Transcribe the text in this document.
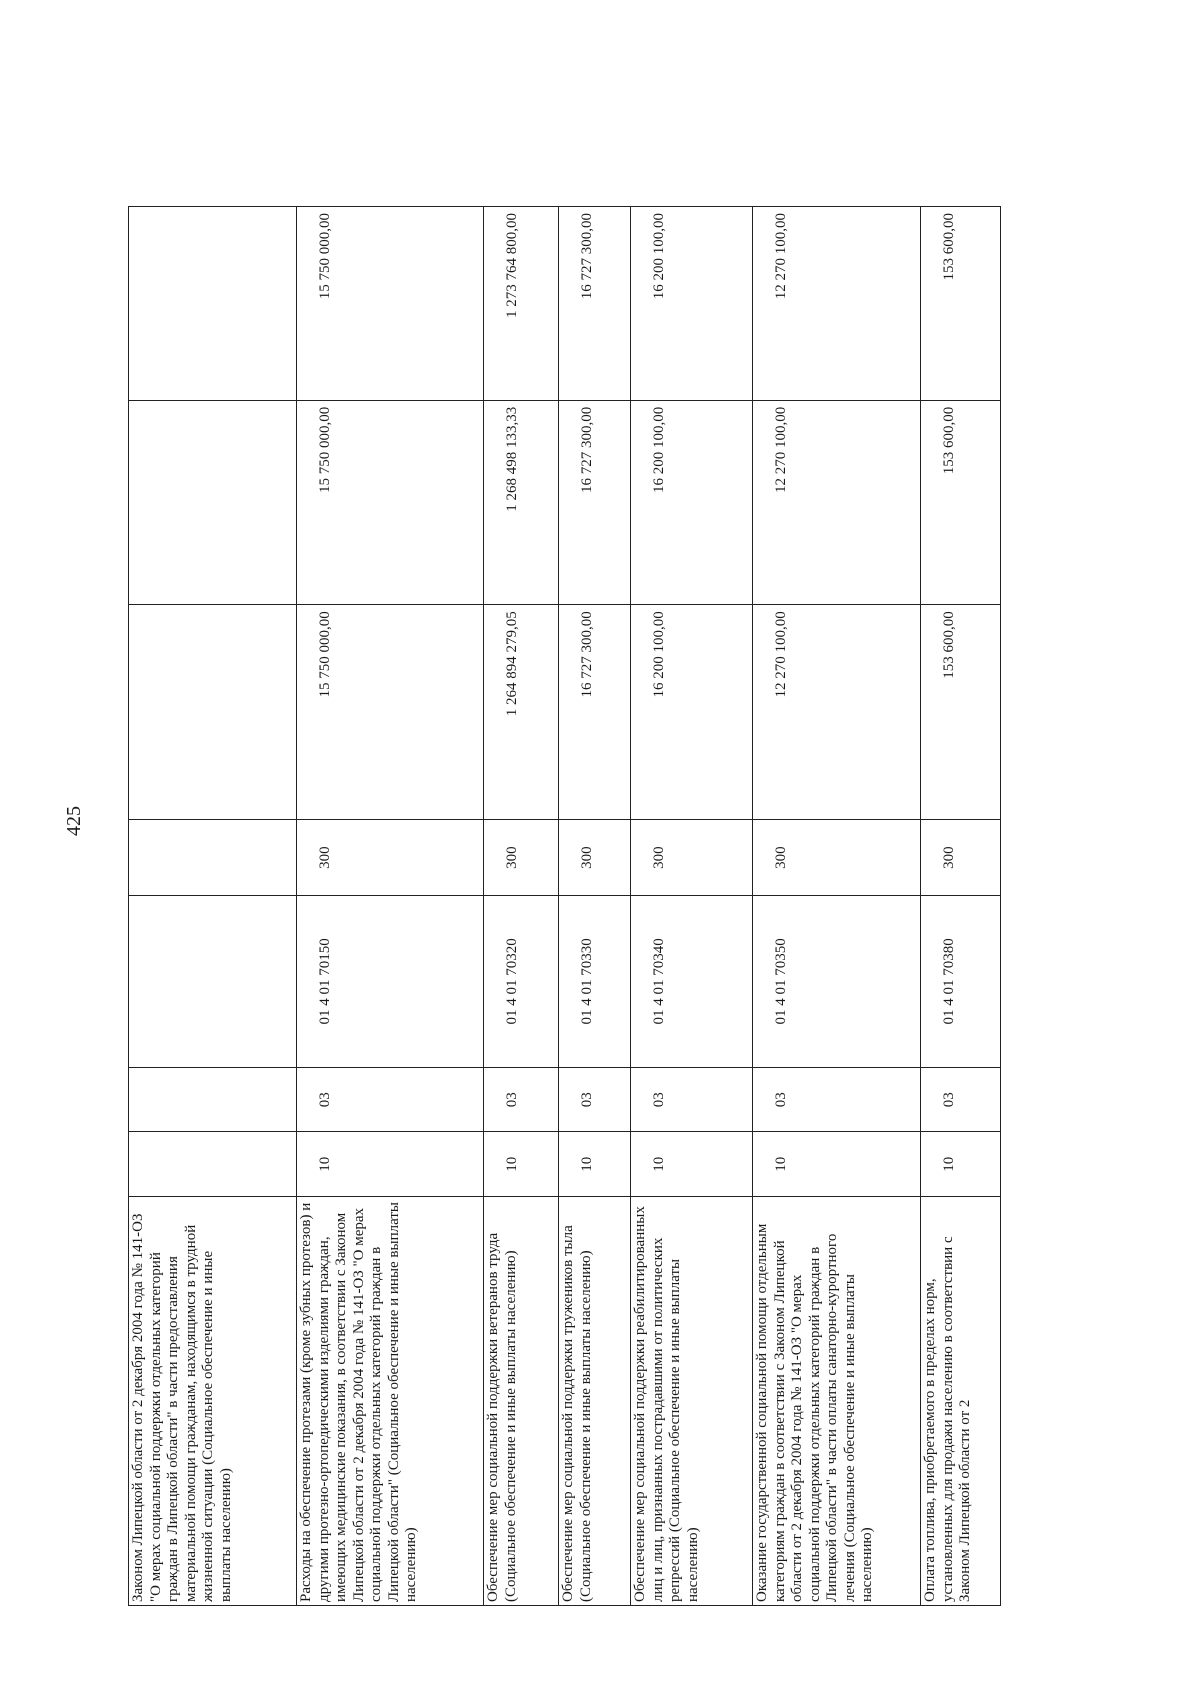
425
Законом Липецкой области от 2 декабря 2004 года № 141-ОЗ "О мерах социальной поддержки отдельных категорий граждан в Липецкой области" в части предоставления материальной помощи гражданам, находящимся в трудной жизненной ситуации (Социальное обеспечение и иные выплаты населению)							
Расходы на обеспечение протезами (кроме зубных протезов) и другими протезно-ортопедическими изделиями граждан, имеющих медицинские показания, в соответствии с Законом Липецкой области от 2 декабря 2004 года № 141-ОЗ "О мерах социальной поддержки отдельных категорий граждан в Липецкой области" (Социальное обеспечение и иные выплаты населению)	10	03	01 4 01 70150	300	15 750 000,00	15 750 000,00	15 750 000,00
Обеспечение мер социальной поддержки ветеранов труда (Социальное обеспечение и иные выплаты населению)	10	03	01 4 01 70320	300	1 264 894 279,05	1 268 498 133,33	1 273 764 800,00
Обеспечение мер социальной поддержки тружеников тыла (Социальное обеспечение и иные выплаты населению)	10	03	01 4 01 70330	300	16 727 300,00	16 727 300,00	16 727 300,00
Обеспечение мер социальной поддержки реабилитированных лиц и лиц, признанных пострадавшими от политических репрессий (Социальное обеспечение и иные выплаты населению)	10	03	01 4 01 70340	300	16 200 100,00	16 200 100,00	16 200 100,00
Оказание государственной социальной помощи отдельным категориям граждан в соответствии с Законом Липецкой области от 2 декабря 2004 года № 141-ОЗ "О мерах социальной поддержки отдельных категорий граждан в Липецкой области" в части оплаты санаторно-курортного лечения (Социальное обеспечение и иные выплаты населению)	10	03	01 4 01 70350	300	12 270 100,00	12 270 100,00	12 270 100,00
Оплата топлива, приобретаемого в пределах норм, установленных для продажи населению в соответствии с Законом Липецкой области от 2	10	03	01 4 01 70380	300	153 600,00	153 600,00	153 600,00
